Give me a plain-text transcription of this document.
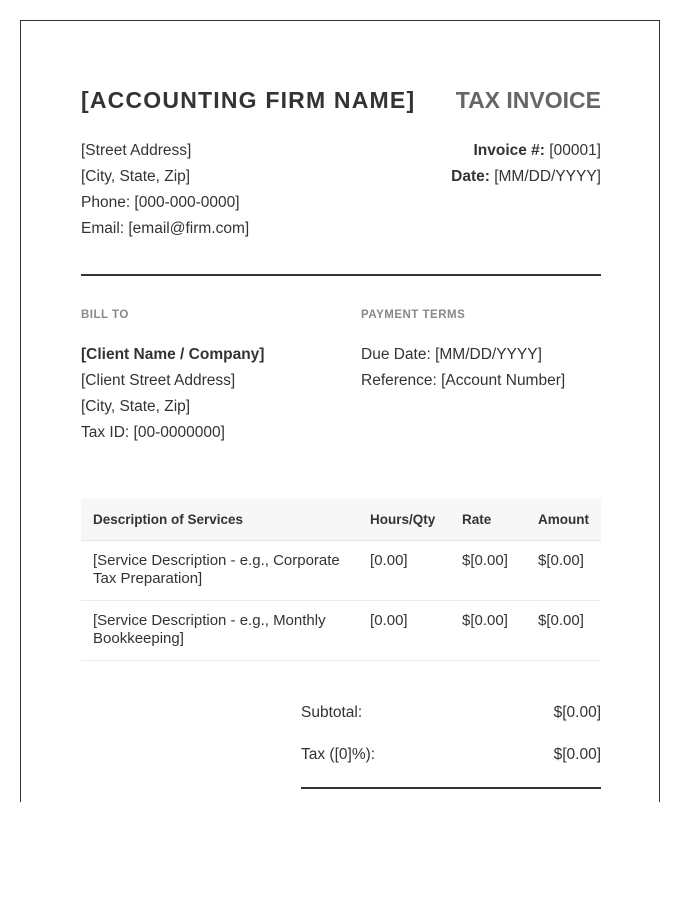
[ACCOUNTING FIRM NAME] TAX INVOICE
[Street Address]
[City, State, Zip]
Phone: [000-000-0000]
Email: [email@firm.com]
Invoice #: [00001]
Date: [MM/DD/YYYY]
BILL TO	PAYMENT TERMS
[Client Name / Company]
[Client Street Address]
[City, State, Zip]
Tax ID: [00-0000000]
Due Date: [MM/DD/YYYY]
Reference: [Account Number]
Description of Services	Hours/Qty	Rate	Amount
[Service Description - e.g., Corporate Tax Preparation]	[0.00]	$[0.00]	$[0.00]
[Service Description - e.g., Monthly Bookkeeping]	[0.00]	$[0.00]	$[0.00]
Subtotal:	$[0.00]
Tax ([0]%):	$[0.00]
